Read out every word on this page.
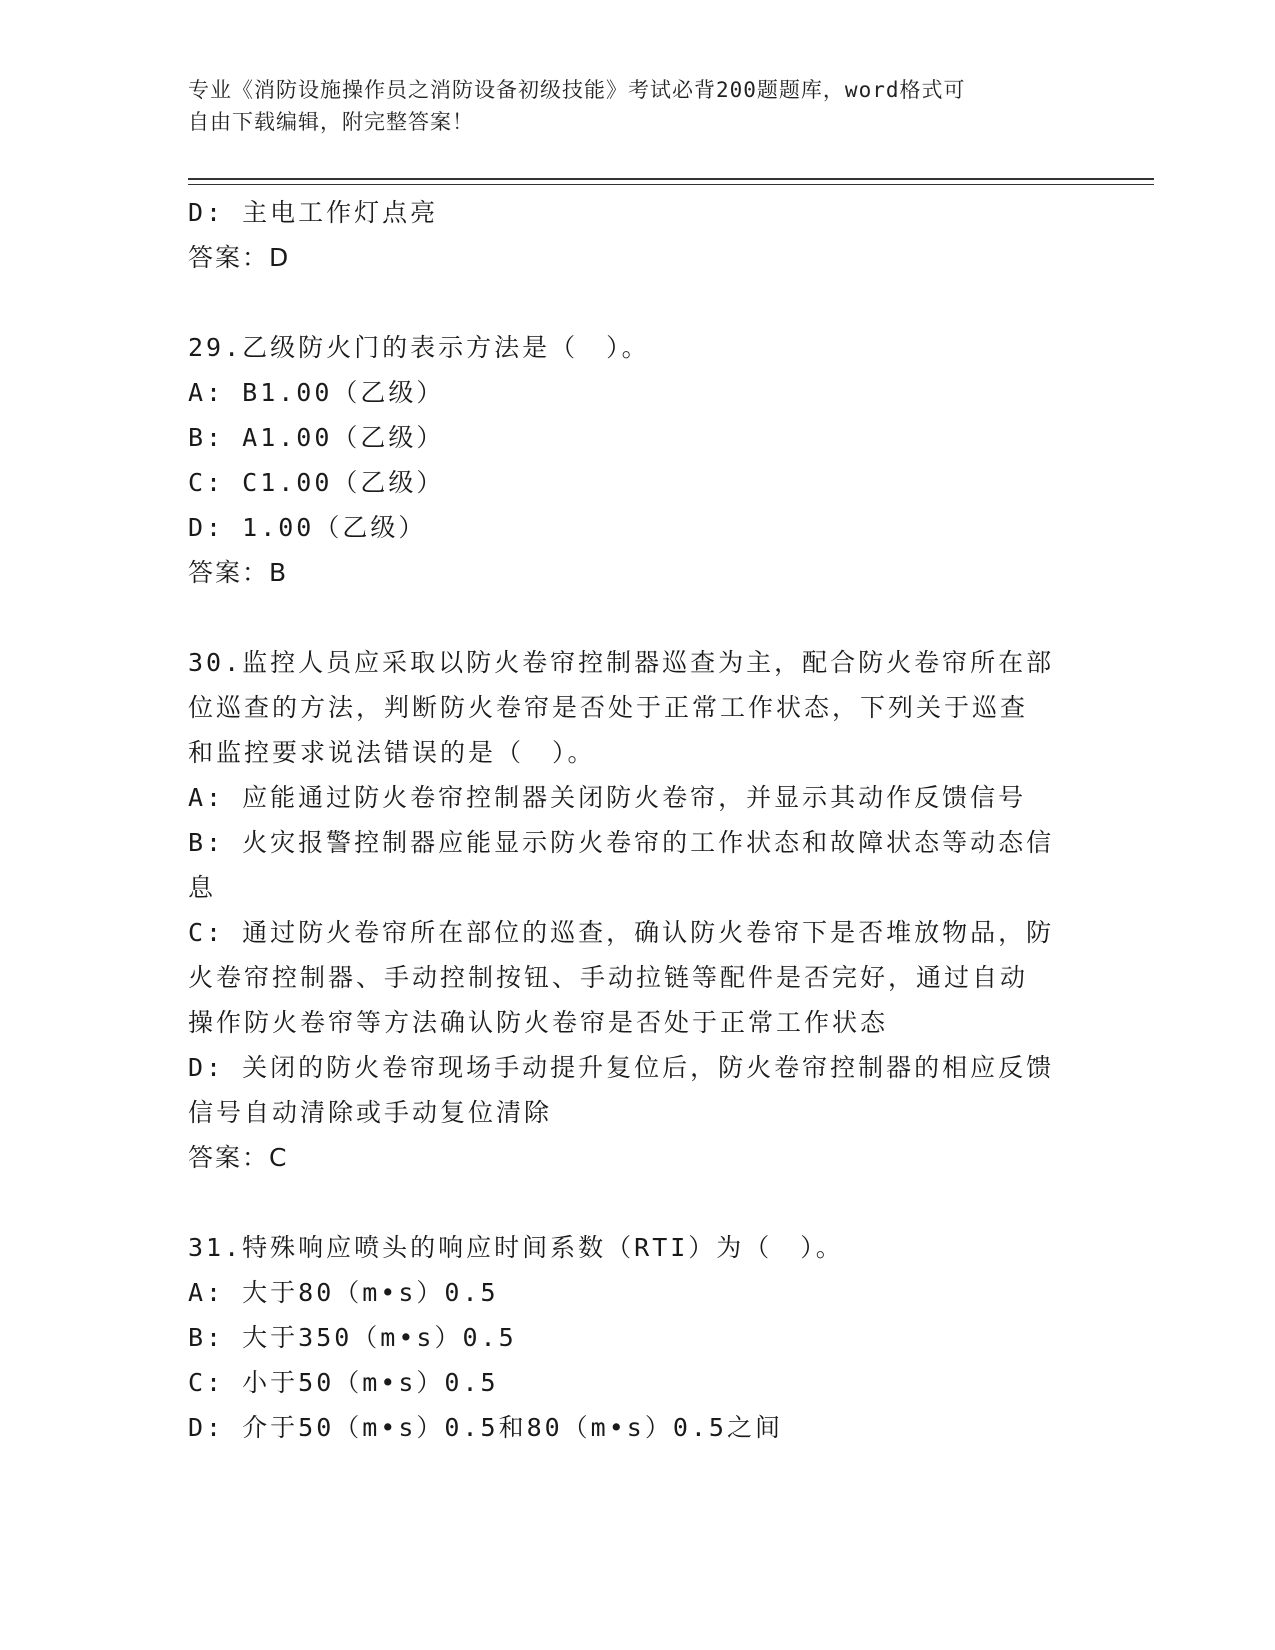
专业《消防设施操作员之消防设备初级技能》考试必背200题题库，word格式可
自由下载编辑，附完整答案！
D: 主电工作灯点亮
答案：D
29.乙级防火门的表示方法是（　）。
A: B1.00（乙级）
B: A1.00（乙级）
C: C1.00（乙级）
D: 1.00（乙级）
答案：B
30.监控人员应采取以防火卷帘控制器巡查为主，配合防火卷帘所在部
位巡查的方法，判断防火卷帘是否处于正常工作状态，下列关于巡查
和监控要求说法错误的是（　）。
A: 应能通过防火卷帘控制器关闭防火卷帘，并显示其动作反馈信号
B: 火灾报警控制器应能显示防火卷帘的工作状态和故障状态等动态信
息
C: 通过防火卷帘所在部位的巡查，确认防火卷帘下是否堆放物品，防
火卷帘控制器、手动控制按钮、手动拉链等配件是否完好，通过自动
操作防火卷帘等方法确认防火卷帘是否处于正常工作状态
D: 关闭的防火卷帘现场手动提升复位后，防火卷帘控制器的相应反馈
信号自动清除或手动复位清除
答案：C
31.特殊响应喷头的响应时间系数（RTI）为（　）。
A: 大于80（m•s）0.5
B: 大于350（m•s）0.5
C: 小于50（m•s）0.5
D: 介于50（m•s）0.5和80（m•s）0.5之间
